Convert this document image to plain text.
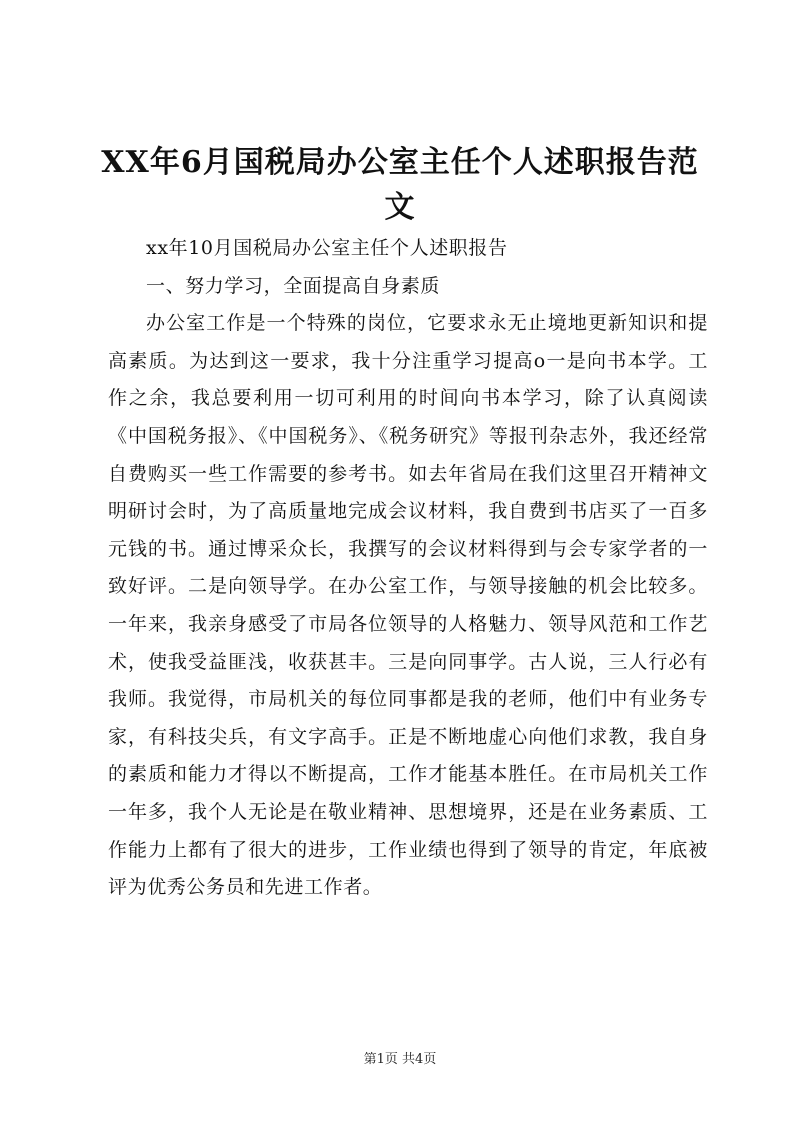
XX年6月国税局办公室主任个人述职报告范文

xx年10月国税局办公室主任个人述职报告

一、努力学习，全面提高自身素质

办公室工作是一个特殊的岗位，它要求永无止境地更新知识和提高素质。为达到这一要求，我十分注重学习提高o一是向书本学。工作之余，我总要利用一切可利用的时间向书本学习，除了认真阅读《中国税务报》、《中国税务》、《税务研究》等报刊杂志外，我还经常自费购买一些工作需要的参考书。如去年省局在我们这里召开精神文明研讨会时，为了高质量地完成会议材料，我自费到书店买了一百多元钱的书。通过博采众长，我撰写的会议材料得到与会专家学者的一致好评。二是向领导学。在办公室工作，与领导接触的机会比较多。一年来，我亲身感受了市局各位领导的人格魅力、领导风范和工作艺术，使我受益匪浅，收获甚丰。三是向同事学。古人说，三人行必有我师。我觉得，市局机关的每位同事都是我的老师，他们中有业务专家，有科技尖兵，有文字高手。正是不断地虚心向他们求教，我自身的素质和能力才得以不断提高，工作才能基本胜任。在市局机关工作一年多，我个人无论是在敬业精神、思想境界，还是在业务素质、工作能力上都有了很大的进步，工作业绩也得到了领导的肯定，年底被评为优秀公务员和先进工作者。

第1页 共4页
